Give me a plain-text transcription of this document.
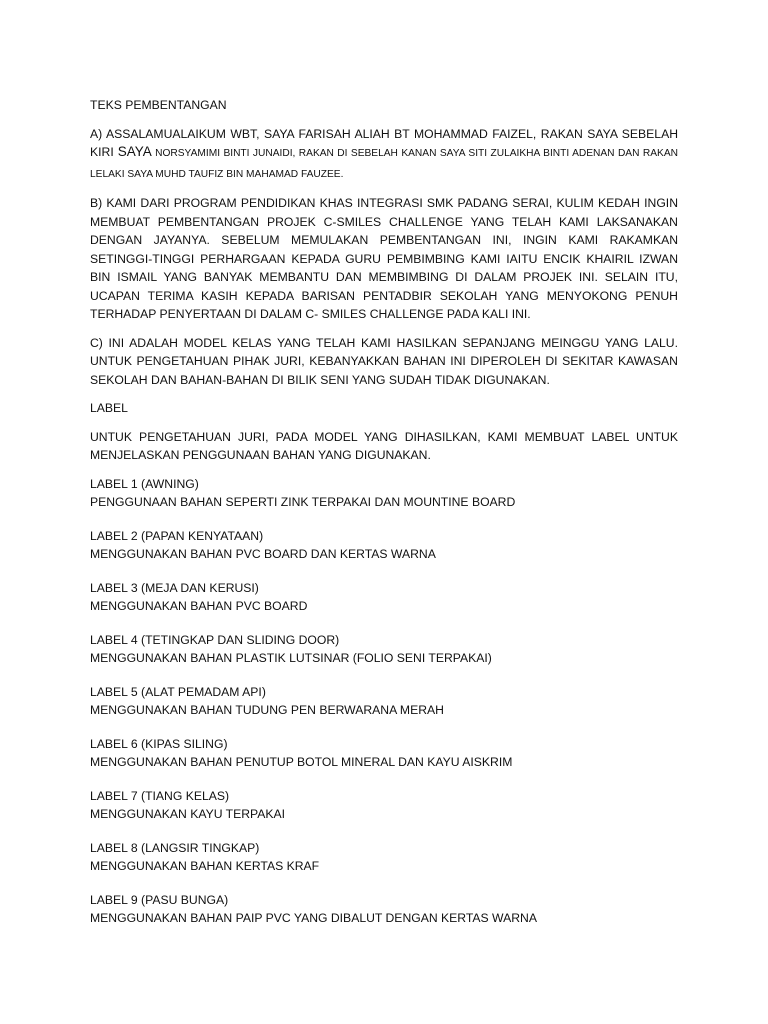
TEKS PEMBENTANGAN
A) ASSALAMUALAIKUM WBT, SAYA FARISAH ALIAH BT MOHAMMAD FAIZEL, RAKAN SAYA SEBELAH KIRI SAYA NORSYAMIMI BINTI JUNAIDI, RAKAN DI SEBELAH KANAN SAYA SITI ZULAIKHA BINTI ADENAN DAN RAKAN LELAKI SAYA MUHD TAUFIZ BIN MAHAMAD FAUZEE.
B) KAMI DARI PROGRAM PENDIDIKAN KHAS INTEGRASI SMK PADANG SERAI, KULIM KEDAH INGIN MEMBUAT PEMBENTANGAN PROJEK C-SMILES CHALLENGE YANG TELAH KAMI LAKSANAKAN DENGAN JAYANYA. SEBELUM MEMULAKAN PEMBENTANGAN INI, INGIN KAMI RAKAMKAN SETINGGI-TINGGI PERHARGAAN KEPADA GURU PEMBIMBING KAMI IAITU ENCIK KHAIRIL IZWAN BIN ISMAIL YANG BANYAK MEMBANTU DAN MEMBIMBING DI DALAM PROJEK INI. SELAIN ITU, UCAPAN TERIMA KASIH KEPADA BARISAN PENTADBIR SEKOLAH YANG MENYOKONG PENUH TERHADAP PENYERTAAN DI DALAM C- SMILES CHALLENGE PADA KALI INI.
C) INI ADALAH MODEL KELAS YANG TELAH KAMI HASILKAN SEPANJANG MEINGGU YANG LALU. UNTUK PENGETAHUAN PIHAK JURI, KEBANYAKKAN BAHAN INI DIPEROLEH DI SEKITAR KAWASAN SEKOLAH DAN BAHAN-BAHAN DI BILIK SENI YANG SUDAH TIDAK DIGUNAKAN.
LABEL
UNTUK PENGETAHUAN JURI, PADA MODEL YANG DIHASILKAN, KAMI MEMBUAT LABEL UNTUK MENJELASKAN PENGGUNAAN BAHAN YANG DIGUNAKAN.
LABEL 1 (AWNING)
PENGGUNAAN BAHAN SEPERTI ZINK TERPAKAI DAN MOUNTINE BOARD
LABEL 2 (PAPAN KENYATAAN)
MENGGUNAKAN BAHAN PVC BOARD DAN KERTAS WARNA
LABEL 3 (MEJA DAN KERUSI)
MENGGUNAKAN BAHAN PVC BOARD
LABEL 4 (TETINGKAP DAN SLIDING DOOR)
MENGGUNAKAN BAHAN PLASTIK LUTSINAR (FOLIO SENI TERPAKAI)
LABEL 5 (ALAT PEMADAM API)
MENGGUNAKAN BAHAN TUDUNG PEN BERWARANA MERAH
LABEL 6 (KIPAS SILING)
MENGGUNAKAN BAHAN PENUTUP BOTOL MINERAL DAN KAYU AISKRIM
LABEL 7 (TIANG KELAS)
MENGGUNAKAN KAYU TERPAKAI
LABEL 8 (LANGSIR TINGKAP)
MENGGUNAKAN BAHAN KERTAS KRAF
LABEL 9 (PASU BUNGA)
MENGGUNAKAN BAHAN PAIP PVC YANG DIBALUT DENGAN KERTAS WARNA
